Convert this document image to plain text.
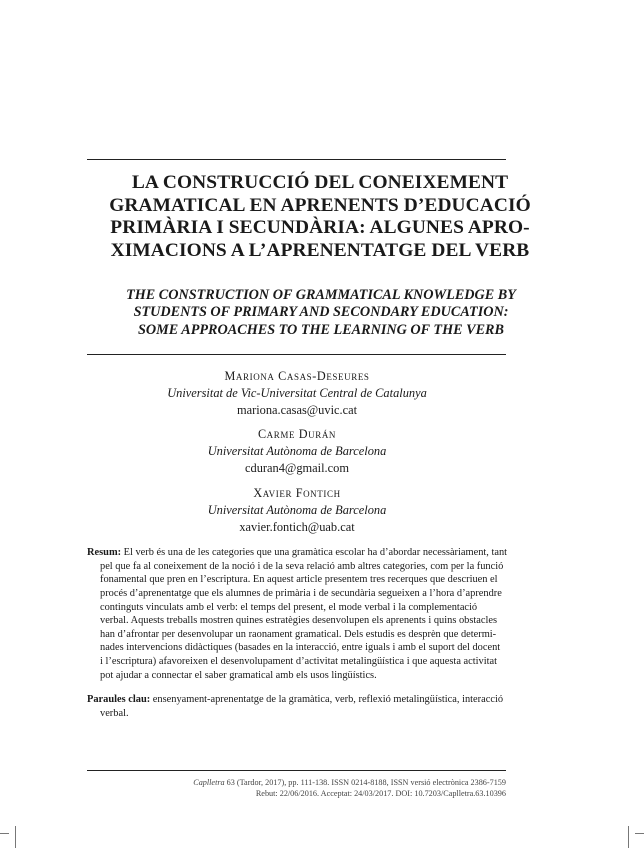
LA CONSTRUCCIÓ DEL CONEIXEMENT
GRAMATICAL EN APRENENTS D’EDUCACIÓ
PRIMÀRIA I SECUNDÀRIA: ALGUNES APRO-
XIMACIONS A L’APRENENTATGE DEL VERB
THE CONSTRUCTION OF GRAMMATICAL KNOWLEDGE BY
STUDENTS OF PRIMARY AND SECONDARY EDUCATION:
SOME APPROACHES TO THE LEARNING OF THE VERB
Mariona Casas-Deseures
Universitat de Vic-Universitat Central de Catalunya
mariona.casas@uvic.cat
Carme Durán
Universitat Autònoma de Barcelona
cduran4@gmail.com
Xavier Fontich
Universitat Autònoma de Barcelona
xavier.fontich@uab.cat
Resum: El verb és una de les categories que una gramàtica escolar ha d’abordar necessàriament, tant
pel que fa al coneixement de la noció i de la seva relació amb altres categories, com per la funció
fonamental que pren en l’escriptura. En aquest article presentem tres recerques que descriuen el
procés d’aprenentatge que els alumnes de primària i de secundària segueixen a l’hora d’aprendre
continguts vinculats amb el verb: el temps del present, el mode verbal i la complementació
verbal. Aquests treballs mostren quines estratègies desenvolupen els aprenents i quins obstacles
han d’afrontar per desenvolupar un raonament gramatical. Dels estudis es desprèn que determi-
nades intervencions didàctiques (basades en la interacció, entre iguals i amb el suport del docent
i l’escriptura) afavoreixen el desenvolupament d’activitat metalingüística i que aquesta activitat
pot ajudar a connectar el saber gramatical amb els usos lingüístics.
Paraules clau: ensenyament-aprenentatge de la gramàtica, verb, reflexió metalingüística, interacció
verbal.
Caplletra 63 (Tardor, 2017), pp. 111-138. ISSN 0214-8188, ISSN versió electrònica 2386-7159
Rebut: 22/06/2016. Acceptat: 24/03/2017. DOI: 10.7203/Caplletra.63.10396
